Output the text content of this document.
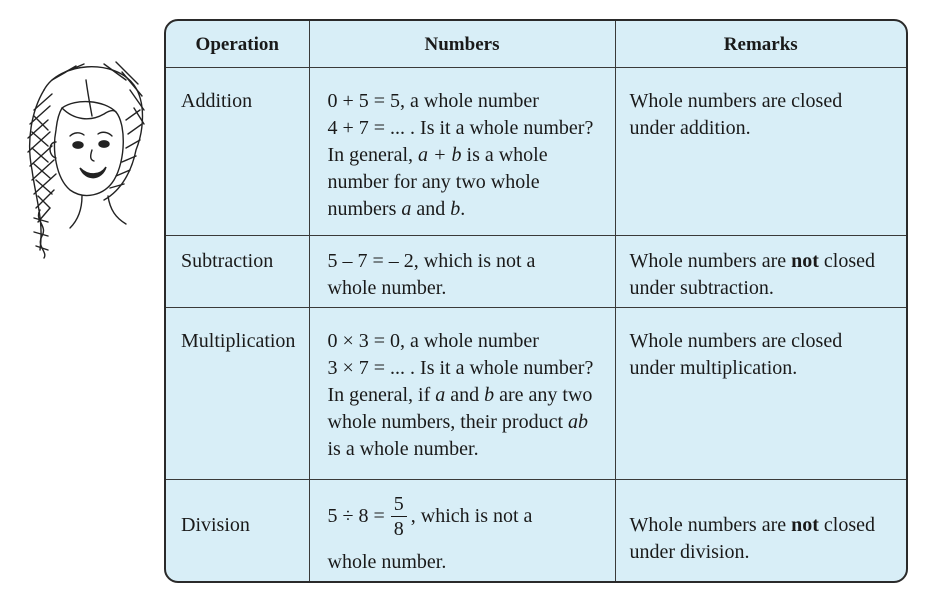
Operation	Numbers	Remarks
Addition	0 + 5 = 5, a whole number
4 + 7 = ... . Is it a whole number?
In general, a + b is a whole
number for any two whole
numbers a and b.	Whole numbers are closed
under addition.

Subtraction	5 – 7 = – 2, which is not a
whole number.	Whole numbers are not closed
under subtraction.

Multiplication	0 × 3 = 0, a whole number
3 × 7 = ... . Is it a whole number?
In general, if a and b are any two
whole numbers, their product ab
is a whole number.	Whole numbers are closed
under multiplication.

Division	$5 \div 8 = \frac{5}{8}$ , which is not a
whole number.	Whole numbers are not closed
under division.
